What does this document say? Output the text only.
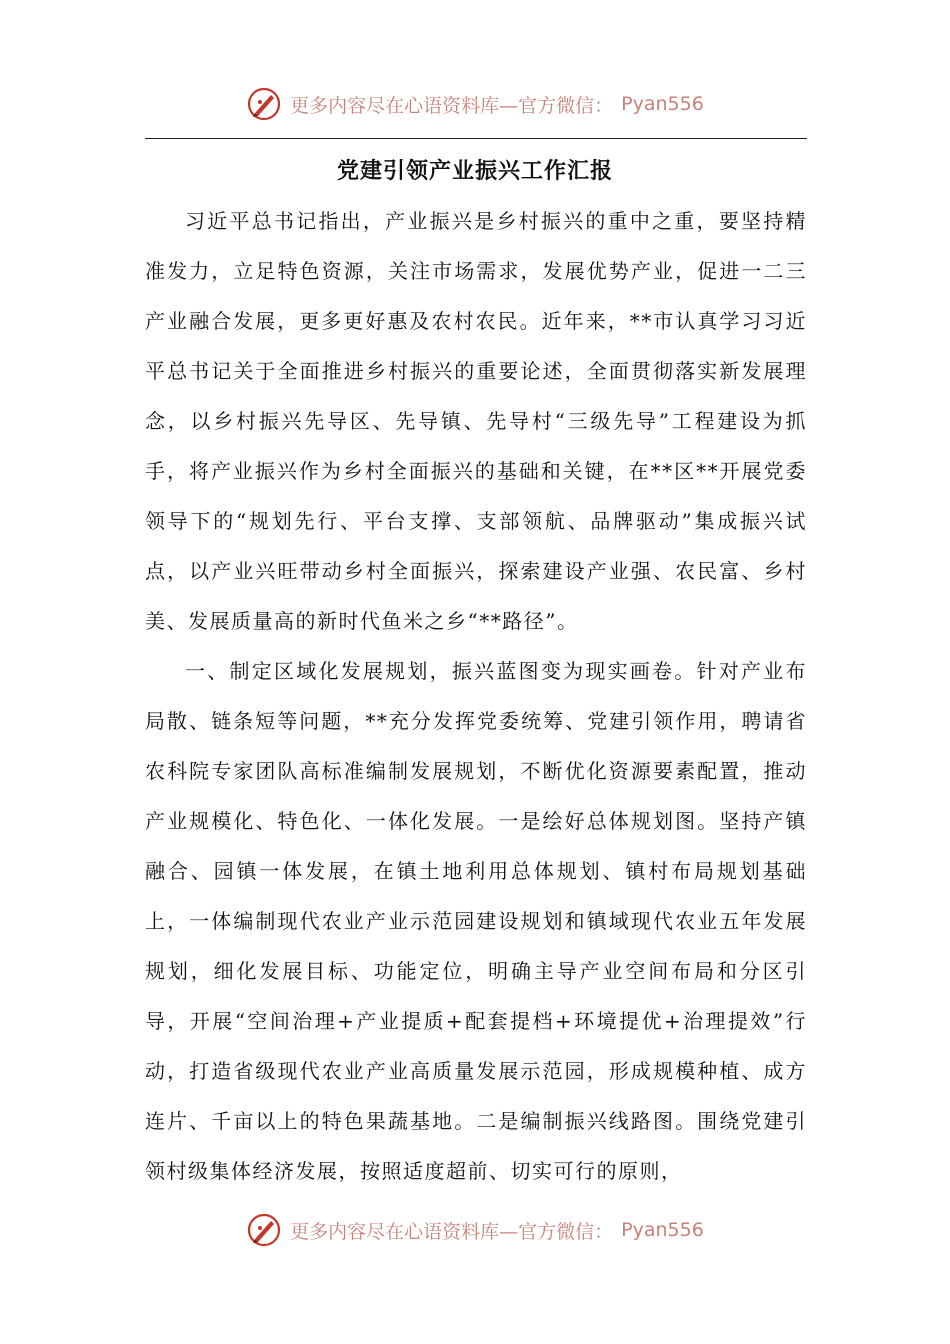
更多内容尽在心语资料库—官方微信： Pyan556
党建引领产业振兴工作汇报

习近平总书记指出，产业振兴是乡村振兴的重中之重，要坚持精准发力，立足特色资源，关注市场需求，发展优势产业，促进一二三产业融合发展，更多更好惠及农村农民。近年来，**市认真学习习近平总书记关于全面推进乡村振兴的重要论述，全面贯彻落实新发展理念，以乡村振兴先导区、先导镇、先导村“三级先导”工程建设为抓手，将产业振兴作为乡村全面振兴的基础和关键，在**区**开展党委领导下的“规划先行、平台支撑、支部领航、品牌驱动”集成振兴试点，以产业兴旺带动乡村全面振兴，探索建设产业强、农民富、乡村美、发展质量高的新时代鱼米之乡“**路径”。

一、制定区域化发展规划，振兴蓝图变为现实画卷。针对产业布局散、链条短等问题，**充分发挥党委统筹、党建引领作用，聘请省农科院专家团队高标准编制发展规划，不断优化资源要素配置，推动产业规模化、特色化、一体化发展。一是绘好总体规划图。坚持产镇融合、园镇一体发展，在镇土地利用总体规划、镇村布局规划基础上，一体编制现代农业产业示范园建设规划和镇域现代农业五年发展规划，细化发展目标、功能定位，明确主导产业空间布局和分区引导，开展“空间治理+产业提质+配套提档+环境提优+治理提效”行动，打造省级现代农业产业高质量发展示范园，形成规模种植、成方连片、千亩以上的特色果蔬基地。二是编制振兴线路图。围绕党建引领村级集体经济发展，按照适度超前、切实可行的原则，

更多内容尽在心语资料库—官方微信： Pyan556
